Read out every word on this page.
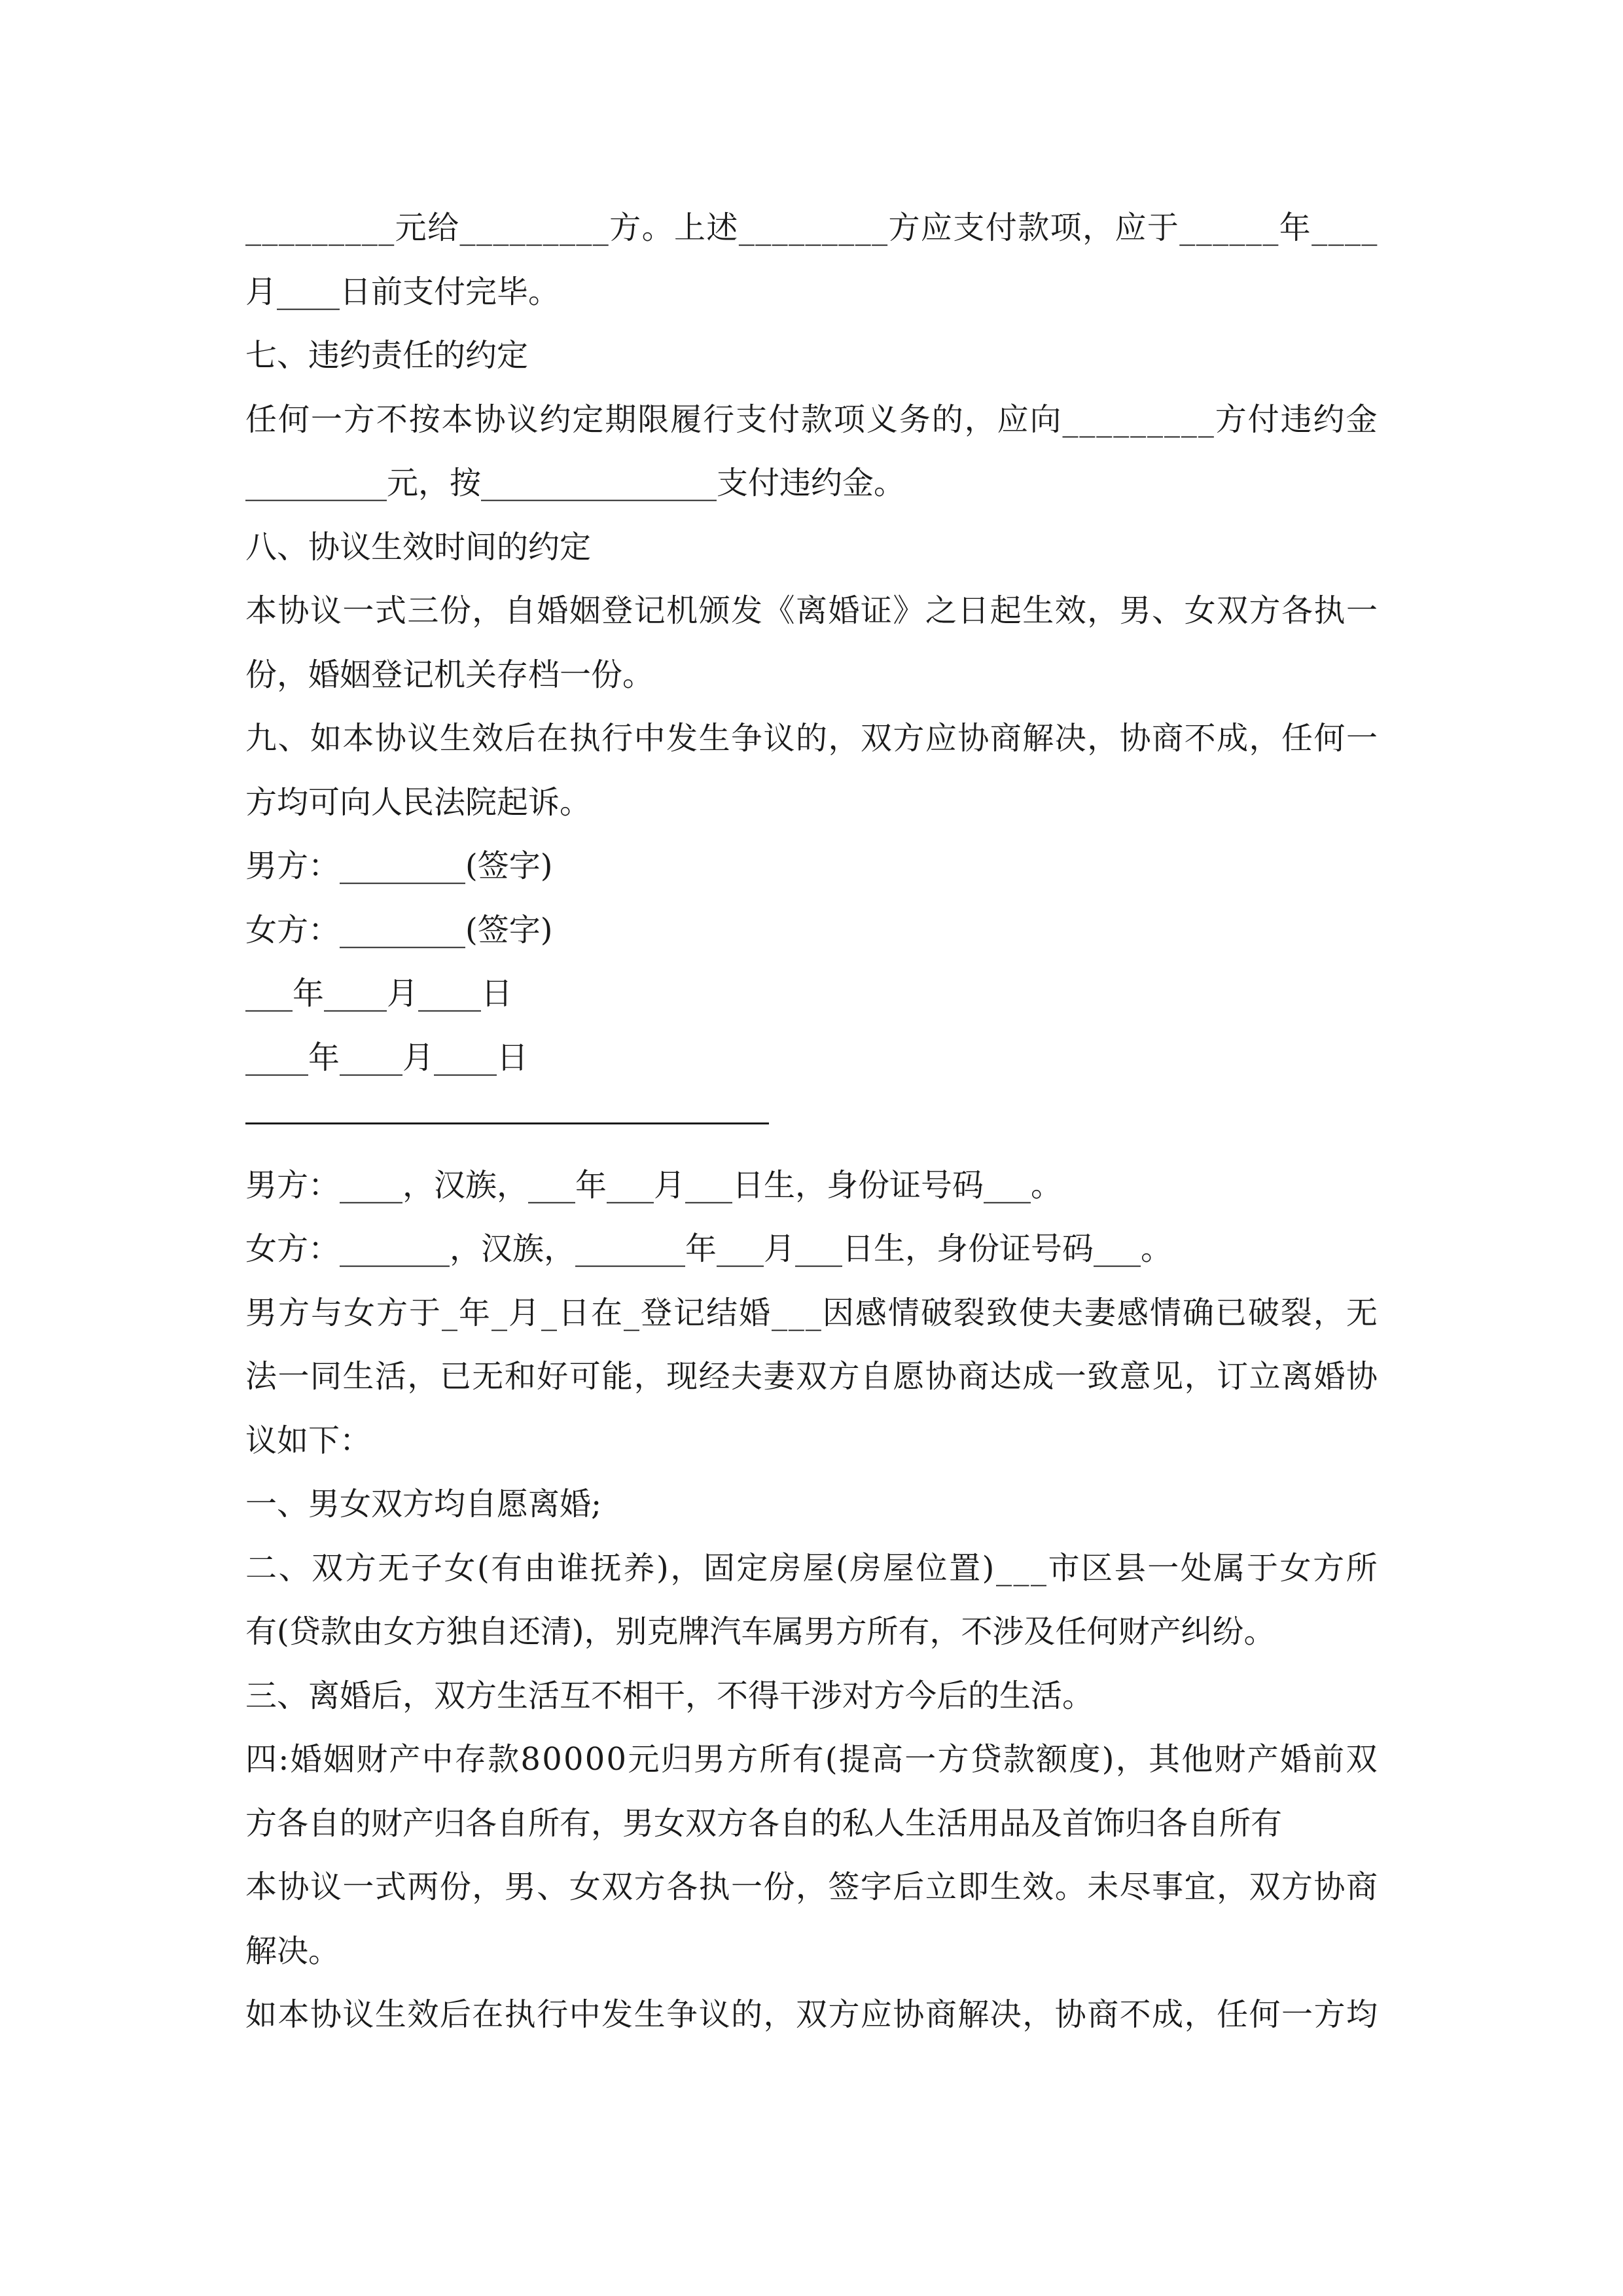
_ _ _ _ _ _ _ _ _ 元 给 _ _ _ _ _ _ _ _ _ 方 。 上 述 _ _ _ _ _ _ _ _ _ 方 应 支 付 款 项 ， 应 于 _ _ _ _ _ _ 年 _ _ _ _
月____日前支付完毕。
七、违约责任的约定
任 何 一 方 不 按 本 协 议 约 定 期 限 履 行 支 付 款 项 义 务 的 ， 应 向 _ _ _ _ _ _ _ _ _ 方 付 违 约 金
_________元，按_______________支付违约金。
八、协议生效时间的约定
本 协 议 一 式 三 份 ， 自 婚 姻 登 记 机 颁 发 《 离 婚 证 》 之 日 起 生 效 ， 男 、 女 双 方 各 执 一
份，婚姻登记机关存档一份。
九 、 如 本 协 议 生 效 后 在 执 行 中 发 生 争 议 的 ， 双 方 应 协 商 解 决 ， 协 商 不 成 ， 任 何 一
方均可向人民法院起诉。
男方：________(签字)
女方：________(签字)
___年____月____日
____年____月____日
男方：____，汉族，___年___月___日生，身份证号码___。
女方：_______，汉族，_______年___月___日生，身份证号码___。
男 方 与 女 方 于 _ 年 _ 月 _ 日 在 _ 登 记 结 婚 _ _ _ 因 感 情 破 裂 致 使 夫 妻 感 情 确 已 破 裂 ， 无
法 一 同 生 活 ， 已 无 和 好 可 能 ， 现 经 夫 妻 双 方 自 愿 协 商 达 成 一 致 意 见 ， 订 立 离 婚 协
议如下：
一、男女双方均自愿离婚;
二 、 双 方 无 子 女 ( 有 由 谁 抚 养 ) ， 固 定 房 屋 ( 房 屋 位 置 ) _ _ _ 市 区 县 一 处 属 于 女 方 所
有(贷款由女方独自还清)，别克牌汽车属男方所有，不涉及任何财产纠纷。
三、离婚后，双方生活互不相干，不得干涉对方今后的生活。
四 : 婚 姻 财 产 中 存 款 8 0 0 0 0 元 归 男 方 所 有 ( 提 高 一 方 贷 款 额 度 ) ， 其 他 财 产 婚 前 双
方各自的财产归各自所有，男女双方各自的私人生活用品及首饰归各自所有
本 协 议 一 式 两 份 ， 男 、 女 双 方 各 执 一 份 ， 签 字 后 立 即 生 效 。 未 尽 事 宜 ， 双 方 协 商
解决。
如 本 协 议 生 效 后 在 执 行 中 发 生 争 议 的 ， 双 方 应 协 商 解 决 ， 协 商 不 成 ， 任 何 一 方 均
